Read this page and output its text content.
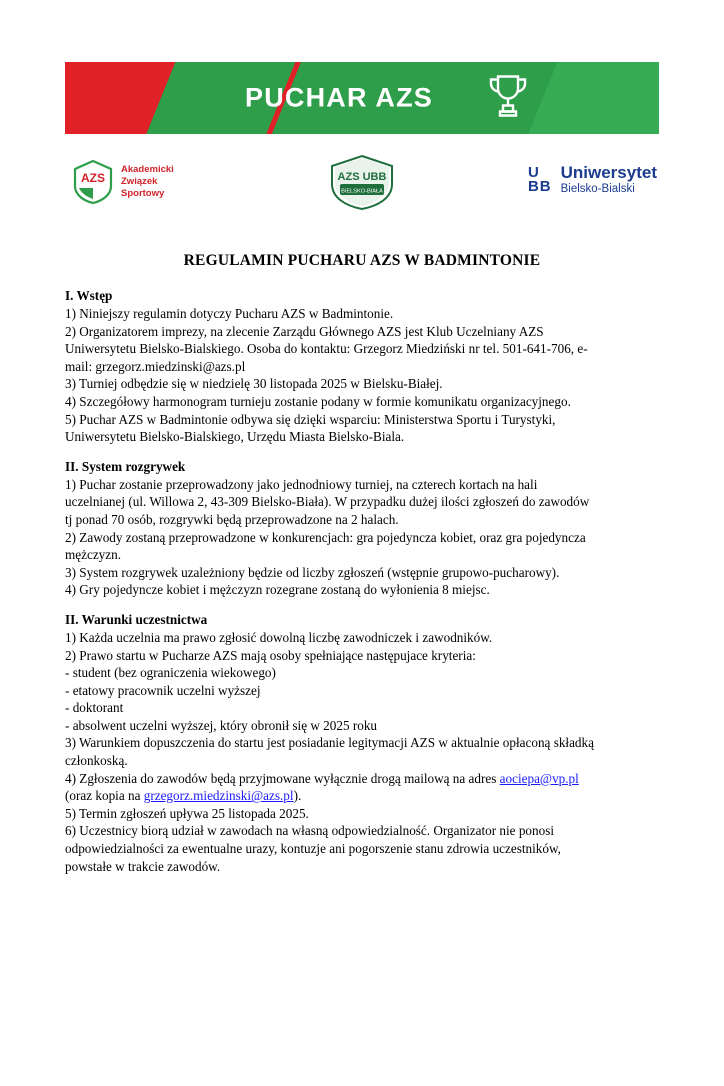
PUCHAR AZS
AZS
Akademicki
Związek
Sportowy
AZS UBB
BIELSKO-BIAŁA
U
BB
Uniwersytet
Bielsko-Bialski
REGULAMIN PUCHARU AZS W BADMINTONIE
I. Wstęp

1) Niniejszy regulamin dotyczy Pucharu AZS w Badmintonie.

2) Organizatorem imprezy, na zlecenie Zarządu Głównego AZS jest Klub Uczelniany AZS

Uniwersytetu Bielsko-Bialskiego. Osoba do kontaktu: Grzegorz Miedziński nr tel. 501-641-706, e-

mail: grzegorz.miedzinski@azs.pl

3) Turniej odbędzie się w niedzielę 30 listopada 2025 w Bielsku-Białej.

4) Szczegółowy harmonogram turnieju zostanie podany w formie komunikatu organizacyjnego.

5) Puchar AZS w Badmintonie odbywa się dzięki wsparciu: Ministerstwa Sportu i Turystyki,

Uniwersytetu Bielsko-Bialskiego, Urzędu Miasta Bielsko-Biala.

II. System rozgrywek

1) Puchar zostanie przeprowadzony jako jednodniowy turniej, na czterech kortach na hali

uczelnianej (ul. Willowa 2, 43-309 Bielsko-Biała). W przypadku dużej ilości zgłoszeń do zawodów

tj ponad 70 osób, rozgrywki będą przeprowadzone na 2 halach.

2) Zawody zostaną przeprowadzone w konkurencjach: gra pojedyncza kobiet, oraz gra pojedyncza

mężczyzn.

3) System rozgrywek uzależniony będzie od liczby zgłoszeń (wstępnie grupowo-pucharowy).

4) Gry pojedyncze kobiet i mężczyzn rozegrane zostaną do wyłonienia 8 miejsc.

II. Warunki uczestnictwa

1) Każda uczelnia ma prawo zgłosić dowolną liczbę zawodniczek i zawodników.

2) Prawo startu w Pucharze AZS mają osoby spełniające następujace kryteria:

- student (bez ograniczenia wiekowego)

- etatowy pracownik uczelni wyższej

- doktorant

- absolwent uczelni wyższej, który obronił się w 2025 roku

3) Warunkiem dopuszczenia do startu jest posiadanie legitymacji AZS w aktualnie opłaconą składką

członkoską.

4) Zgłoszenia do zawodów będą przyjmowane wyłącznie drogą mailową na adres aociepa@vp.pl

(oraz kopia na grzegorz.miedzinski@azs.pl).

5) Termin zgłoszeń upływa 25 listopada 2025.

6) Uczestnicy biorą udział w zawodach na własną odpowiedzialność. Organizator nie ponosi

odpowiedzialności za ewentualne urazy, kontuzje ani pogorszenie stanu zdrowia uczestników,

powstałe w trakcie zawodów.
